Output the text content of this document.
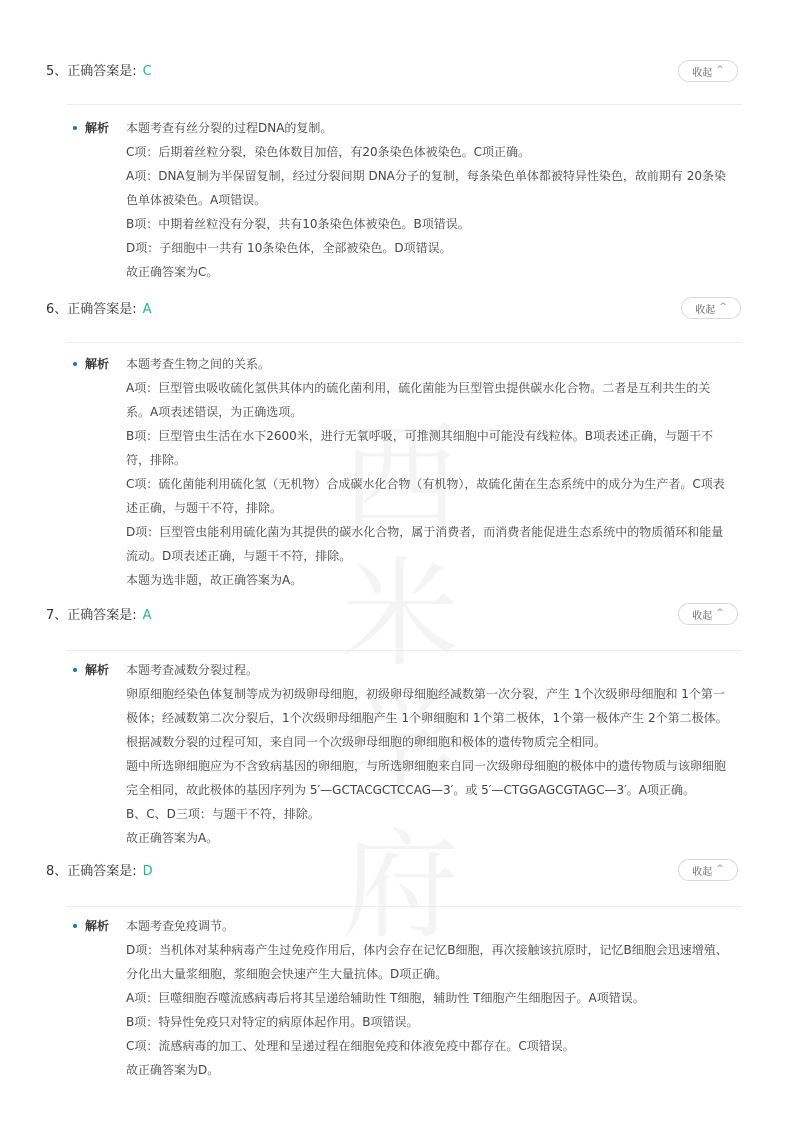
5、正确答案是: C	收起 ^
解析 本题考查有丝分裂的过程DNA的复制。
C项：后期着丝粒分裂，染色体数目加倍，有20条染色体被染色。C项正确。
A项：DNA复制为半保留复制，经过分裂间期 DNA分子的复制，每条染色单体都被特异性染色，故前期有 20条染
色单体被染色。A项错误。
B项：中期着丝粒没有分裂，共有10条染色体被染色。B项错误。
D项：子细胞中一共有 10条染色体，全部被染色。D项错误。
故正确答案为C。
6、正确答案是: A	收起 ^
解析 本题考查生物之间的关系。
A项：巨型管虫吸收硫化氢供其体内的硫化菌利用，硫化菌能为巨型管虫提供碳水化合物。二者是互利共生的关
系。A项表述错误，为正确选项。
B项：巨型管虫生活在水下2600米，进行无氧呼吸，可推测其细胞中可能没有线粒体。B项表述正确，与题干不
符，排除。
C项：硫化菌能利用硫化氢（无机物）合成碳水化合物（有机物），故硫化菌在生态系统中的成分为生产者。C项表
述正确，与题干不符，排除。
D项：巨型管虫能利用硫化菌为其提供的碳水化合物，属于消费者，而消费者能促进生态系统中的物质循环和能量
流动。D项表述正确，与题干不符，排除。
本题为选非题，故正确答案为A。
7、正确答案是: A	收起 ^
解析 本题考查减数分裂过程。
卵原细胞经染色体复制等成为初级卵母细胞，初级卵母细胞经减数第一次分裂，产生 1个次级卵母细胞和 1个第一
极体；经减数第二次分裂后，1个次级卵母细胞产生 1个卵细胞和 1个第二极体，1个第一极体产生 2个第二极体。
根据减数分裂的过程可知，来自同一个次级卵母细胞的卵细胞和极体的遗传物质完全相同。
题中所选卵细胞应为不含致病基因的卵细胞，与所选卵细胞来自同一次级卵母细胞的极体中的遗传物质与该卵细胞
完全相同，故此极体的基因序列为 5′—GCTACGCTCCAG—3′。或 5′—CTGGAGCGTAGC—3′。A项正确。
B、C、D三项：与题干不符，排除。
故正确答案为A。
8、正确答案是: D	收起 ^
解析 本题考查免疫调节。
D项：当机体对某种病毒产生过免疫作用后，体内会存在记忆B细胞，再次接触该抗原时，记忆B细胞会迅速增殖、
分化出大量浆细胞，浆细胞会快速产生大量抗体。D项正确。
A项：巨噬细胞吞噬流感病毒后将其呈递给辅助性 T细胞，辅助性 T细胞产生细胞因子。A项错误。
B项：特异性免疫只对特定的病原体起作用。B项错误。
C项：流感病毒的加工、处理和呈递过程在细胞免疫和体液免疫中都存在。C项错误。
故正确答案为D。
